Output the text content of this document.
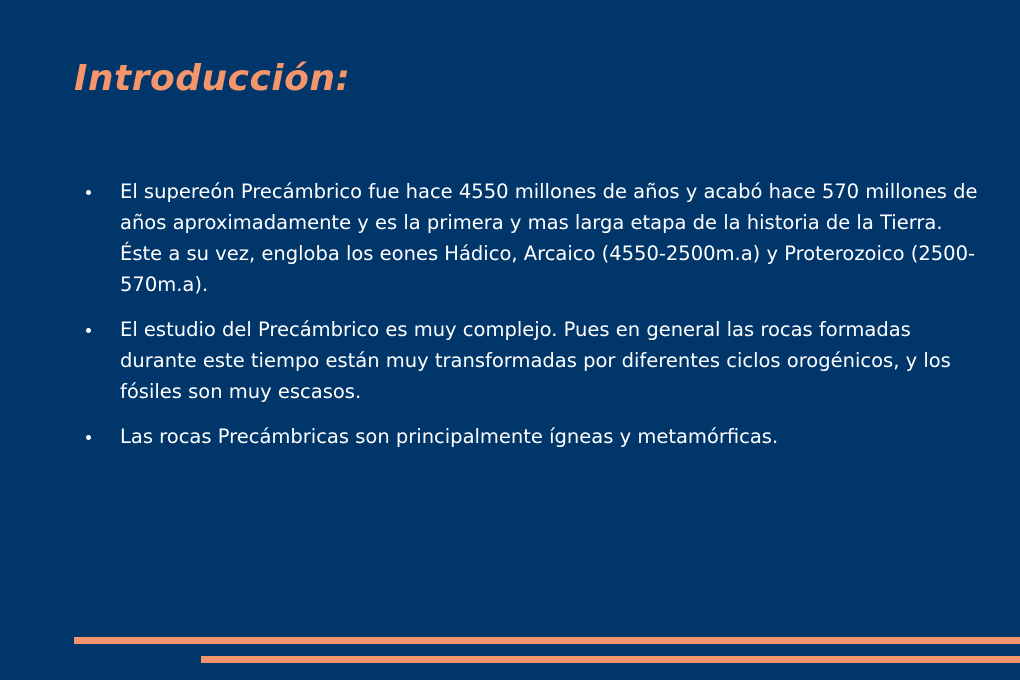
Introducción:
El supereón Precámbrico fue hace 4550 millones de años y acabó hace 570 millones de años aproximadamente y es la primera y mas larga etapa de la historia de la Tierra. Éste a su vez, engloba los eones Hádico, Arcaico (4550-2500m.a) y Proterozoico (2500-570m.a).
El estudio del Precámbrico es muy complejo. Pues en general las rocas formadas durante este tiempo están muy transformadas por diferentes ciclos orogénicos, y los fósiles son muy escasos.
Las rocas Precámbricas son principalmente ígneas y metamórficas.
